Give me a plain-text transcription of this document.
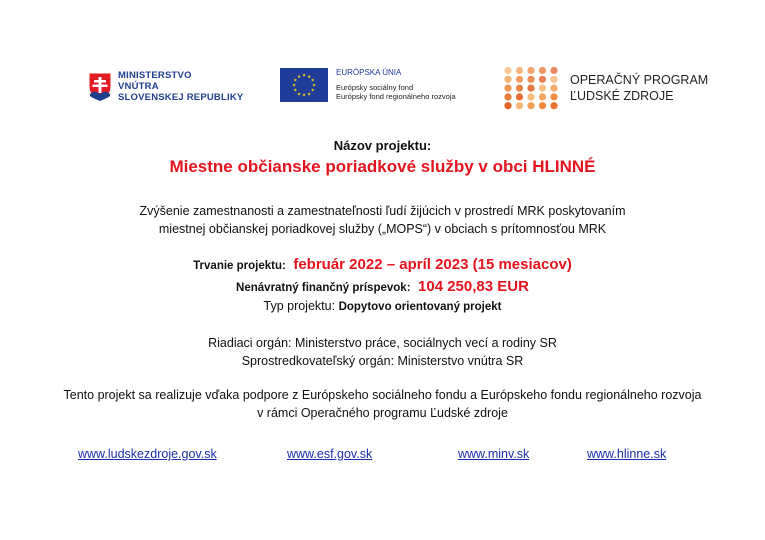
MINISTERSTVO
VNÚTRA
SLOVENSKEJ REPUBLIKY
★
★
★
★
★
★
★
★
★ ★ ★
★
EURÓPSKA ÚNIA
Európsky sociálny fond
Európsky fond regionálneho rozvoja
OPERAČNÝ PROGRAM
ĽUDSKÉ ZDROJE
Názov projektu:
Miestne občianske poriadkové služby v obci HLINNÉ
Zvýšenie zamestnanosti a zamestnateľnosti ľudí žijúcich v prostredí MRK poskytovaním
miestnej občianskej poriadkovej služby („MOPS“) v obciach s prítomnosťou MRK
Trvanie projektu: február 2022 – apríl 2023 (15 mesiacov)
Nenávratný finančný príspevok: 104 250,83 EUR
Typ projektu: Dopytovo orientovaný projekt
Riadiaci orgán: Ministerstvo práce, sociálnych vecí a rodiny SR
Sprostredkovateľský orgán: Ministerstvo vnútra SR
Tento projekt sa realizuje vďaka podpore z Európskeho sociálneho fondu a Európskeho fondu regionálneho rozvoja
v rámci Operačného programu Ľudské zdroje
www.ludskezdroje.gov.sk	www.esf.gov.sk	www.minv.sk	www.hlinne.sk
